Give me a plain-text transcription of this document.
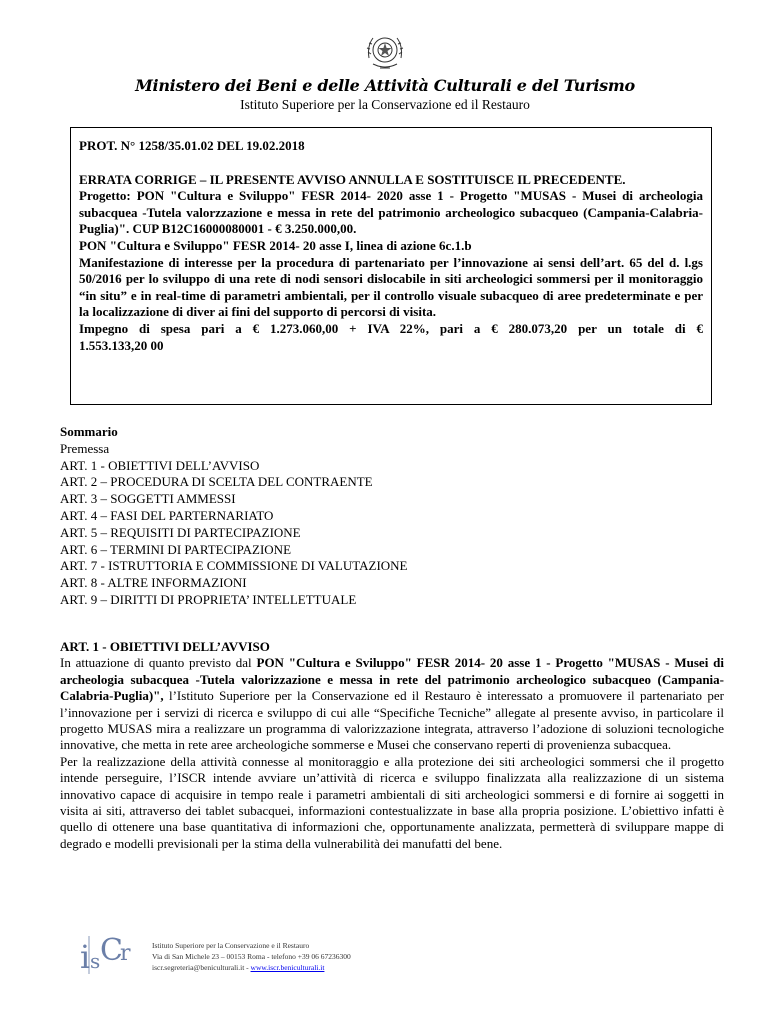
Ministero dei Beni e delle Attività Culturali e del Turismo
Istituto Superiore per la Conservazione ed il Restauro

PROT. N° 1258/35.01.02 DEL 19.02.2018

ERRATA CORRIGE – IL PRESENTE AVVISO ANNULLA E SOSTITUISCE IL PRECEDENTE.

Progetto: PON "Cultura e Sviluppo" FESR 2014- 2020 asse 1 - Progetto "MUSAS - Musei di archeologia subacquea -Tutela valorzzazione e messa in rete del patrimonio archeologico subacqueo (Campania-Calabria-Puglia)". CUP B12C16000080001 - € 3.250.000,00.

PON "Cultura e Sviluppo" FESR 2014- 20 asse I, linea di azione 6c.1.b

Manifestazione di interesse per la procedura di partenariato per l’innovazione ai sensi dell’art. 65 del d. l.gs 50/2016 per lo sviluppo di una rete di nodi sensori dislocabile in siti archeologici sommersi per il monitoraggio “in situ” e in real-time di parametri ambientali, per il controllo visuale subacqueo di aree predeterminate e per la localizzazione di diver ai fini del supporto di percorsi di visita.

Impegno di spesa pari a € 1.273.060,00 + IVA 22%, pari a € 280.073,20 per un totale di €

1.553.133,20 00

Sommario
Premessa
ART. 1 - OBIETTIVI DELL’AVVISO
ART. 2 – PROCEDURA DI SCELTA DEL CONTRAENTE
ART. 3 – SOGGETTI AMMESSI
ART. 4 – FASI DEL PARTERNARIATO
ART. 5 – REQUISITI DI PARTECIPAZIONE
ART. 6 – TERMINI DI PARTECIPAZIONE
ART. 7 - ISTRUTTORIA E COMMISSIONE DI VALUTAZIONE
ART. 8 - ALTRE INFORMAZIONI
ART. 9 – DIRITTI DI PROPRIETA’ INTELLETTUALE

ART. 1 - OBIETTIVI DELL’AVVISO

In attuazione di quanto previsto dal PON "Cultura e Sviluppo" FESR 2014- 20 asse 1 - Progetto "MUSAS - Musei di archeologia subacquea -Tutela valorizzazione e messa in rete del patrimonio archeologico subacqueo (Campania-Calabria-Puglia)", l’Istituto Superiore per la Conservazione ed il Restauro è interessato a promuovere il partenariato per l’innovazione per i servizi di ricerca e sviluppo di cui alle “Specifiche Tecniche” allegate al presente avviso, in particolare il progetto MUSAS mira a realizzare un programma di valorizzazione integrata, attraverso l’adozione di soluzioni tecnologiche innovative, che metta in rete aree archeologiche sommerse e Musei che conservano reperti di provenienza subacquea.

Per la realizzazione della attività connesse al monitoraggio e alla protezione dei siti archeologici sommersi che il progetto intende perseguire, l’ISCR intende avviare un’attività di ricerca e sviluppo finalizzata alla realizzazione di un sistema innovativo capace di acquisire in tempo reale i parametri ambientali di siti archeologici sommersi e di fornire ai soggetti in visita ai siti, attraverso dei tablet subacquei, informazioni contestualizzate in base alla propria posizione. L’obiettivo infatti è quello di ottenere una base quantitativa di informazioni che, opportunamente analizzata, permetterà di sviluppare mappe di degrado e modelli previsionali per la stima della vulnerabilità dei manufatti del bene.

i s C
r	Istituto Superiore per la Conservazione e il Restauro
Via di San Michele 23 – 00153 Roma - telefono +39 06 67236300
iscr.segreteria@beniculturali.it - www.iscr.beniculturali.it
